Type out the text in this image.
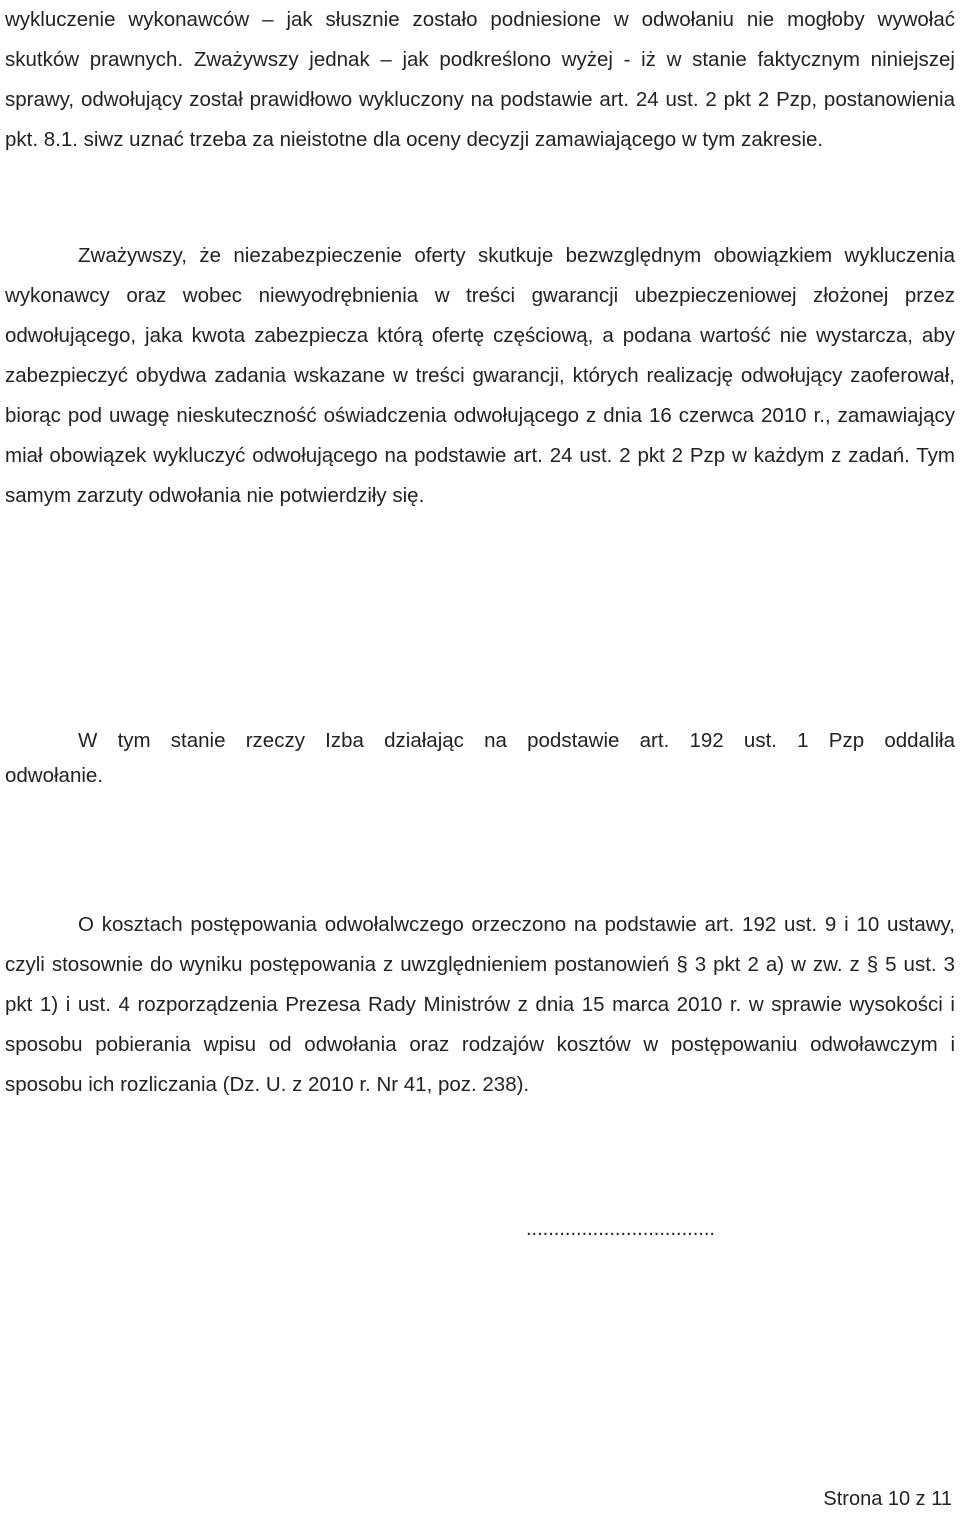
wykluczenie wykonawców – jak słusznie zostało podniesione w odwołaniu nie mogłoby wywołać skutków prawnych. Zważywszy jednak – jak podkreślono wyżej - iż w stanie faktycznym niniejszej sprawy, odwołujący został prawidłowo wykluczony na podstawie art. 24 ust. 2 pkt 2 Pzp, postanowienia pkt. 8.1. siwz uznać trzeba za nieistotne dla oceny decyzji zamawiającego w tym zakresie.

Zważywszy, że niezabezpieczenie oferty skutkuje bezwzględnym obowiązkiem wykluczenia wykonawcy oraz wobec niewyodrębnienia w treści gwarancji ubezpieczeniowej złożonej przez odwołującego, jaka kwota zabezpiecza którą ofertę częściową, a podana wartość nie wystarcza, aby zabezpieczyć obydwa zadania wskazane w treści gwarancji, których realizację odwołujący zaoferował, biorąc pod uwagę nieskuteczność oświadczenia odwołującego z dnia 16 czerwca 2010 r., zamawiający miał obowiązek wykluczyć odwołującego na podstawie art. 24 ust. 2 pkt 2 Pzp w każdym z zadań. Tym samym zarzuty odwołania nie potwierdziły się.

W tym stanie rzeczy Izba działając na podstawie art. 192 ust. 1 Pzp oddaliła

odwołanie.

O kosztach postępowania odwołalwczego orzeczono na podstawie art. 192 ust. 9 i 10 ustawy, czyli stosownie do wyniku postępowania z uwzględnieniem postanowień § 3 pkt 2 a) w zw. z § 5 ust. 3 pkt 1) i ust. 4 rozporządzenia Prezesa Rady Ministrów z dnia 15 marca 2010 r. w sprawie wysokości i sposobu pobierania wpisu od odwołania oraz rodzajów kosztów w postępowaniu odwoławczym i sposobu ich rozliczania (Dz. U. z 2010 r. Nr 41, poz. 238).

..................................

Strona 10 z 11
